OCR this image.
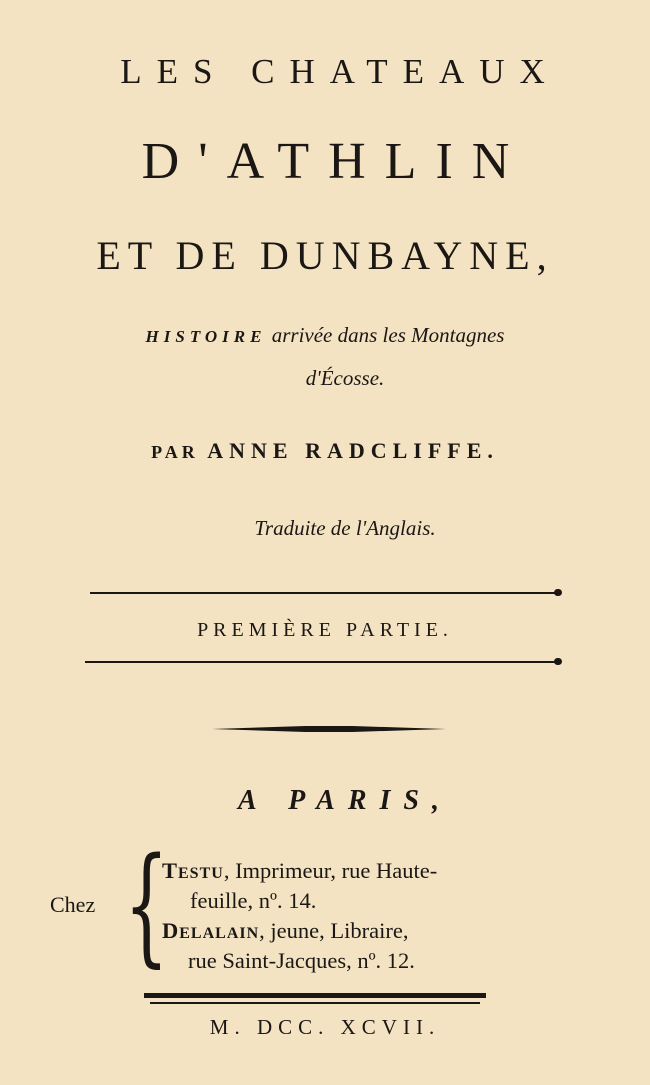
LES CHATEAUX
D'ATHLIN
ET DE DUNBAYNE,
HISTOIRE arrivée dans les Montagnes
d'Écosse.
PAR ANNE RADCLIFFE.
Traduite de l'Anglais.
PREMIÈRE PARTIE.
A PARIS,
Chez {
Testu, Imprimeur, rue Haute-
feuille, nº. 14.
Delalain, jeune, Libraire,
rue Saint-Jacques, nº. 12.
M. DCC. XCVII.
